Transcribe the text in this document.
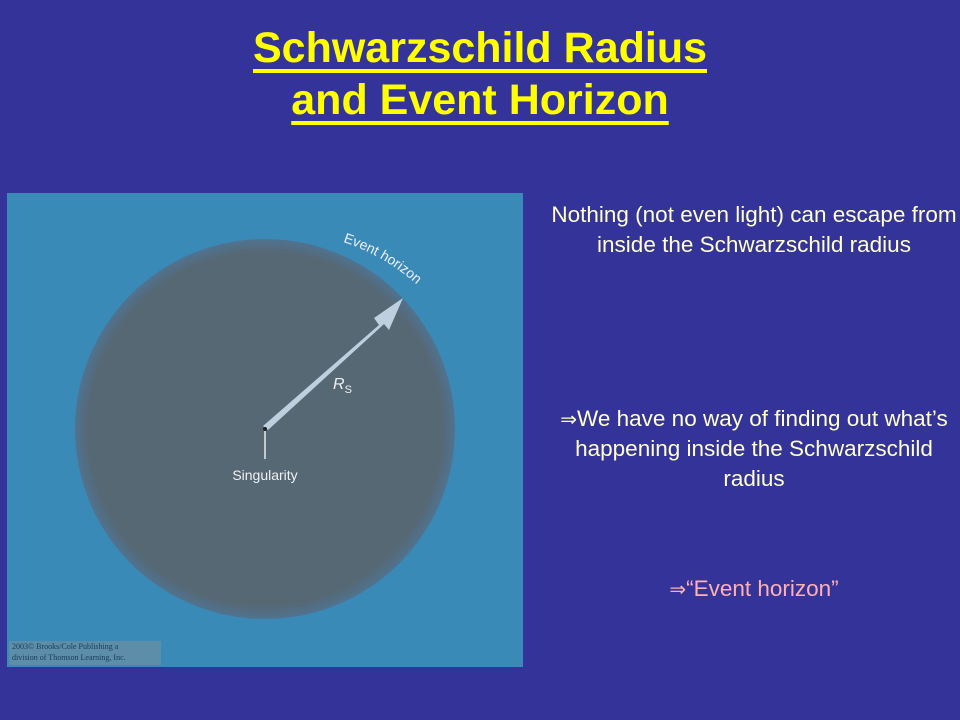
Schwarzschild Radius
and Event Horizon
Singularity
$R_S$
Event horizon
2003© Brooks/Cole Publishing a
division of Thomson Learning, Inc.
Nothing (not even light) can escape from inside the Schwarzschild radius
⇒We have no way of finding out what’s happening inside the Schwarzschild radius
⇒“Event horizon”
